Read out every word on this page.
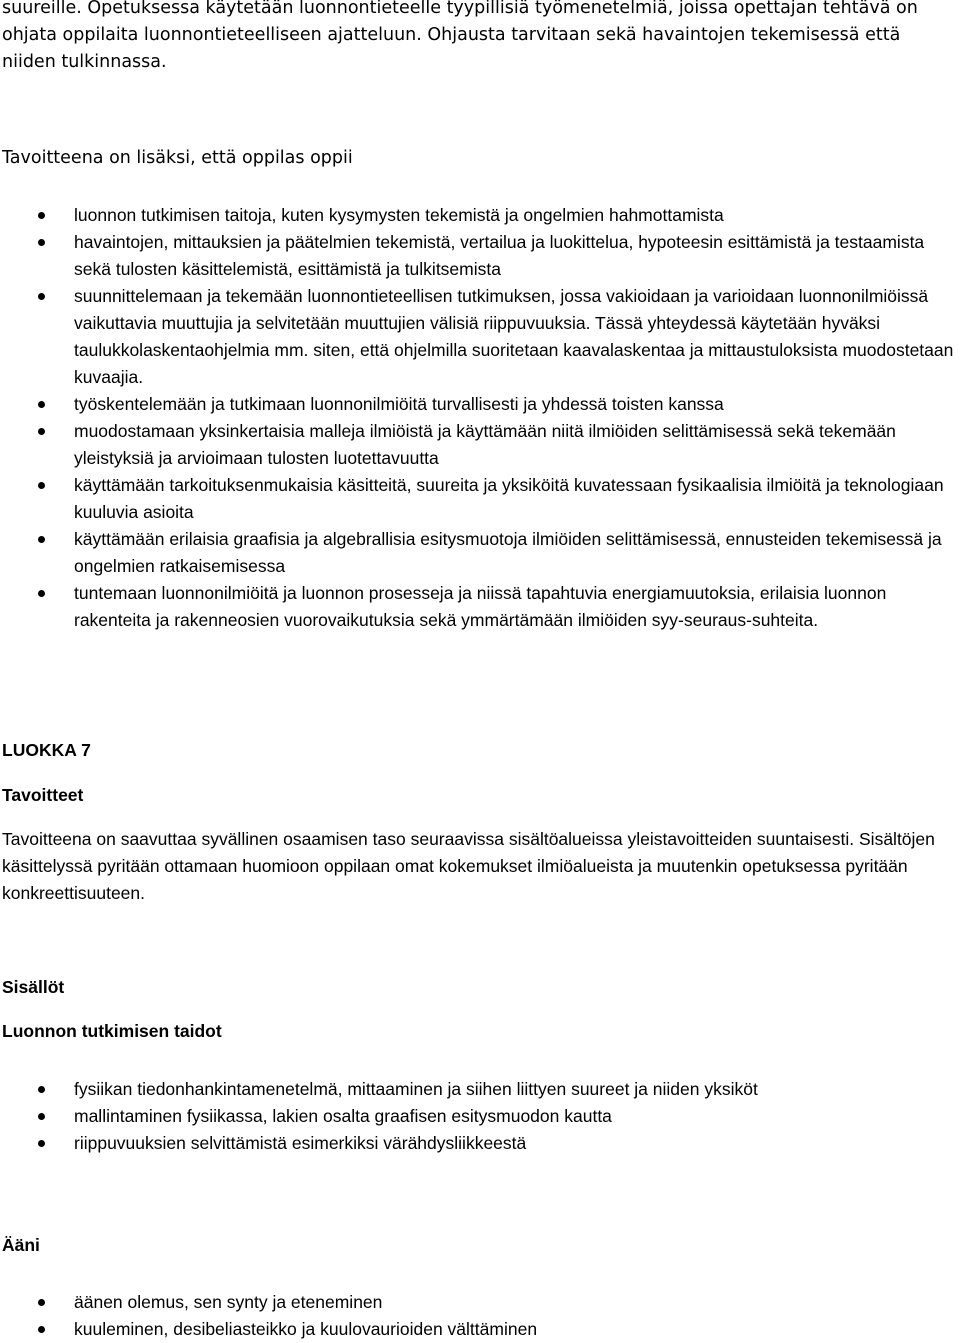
suureille. Opetuksessa käytetään luonnontieteelle tyypillisiä työmenetelmiä, joissa opettajan tehtävä on ohjata oppilaita luonnontieteelliseen ajatteluun. Ohjausta tarvitaan sekä havaintojen tekemisessä että niiden tulkinnassa.

Tavoitteena on lisäksi, että oppilas oppii

luonnon tutkimisen taitoja, kuten kysymysten tekemistä ja ongelmien hahmottamista
havaintojen, mittauksien ja päätelmien tekemistä, vertailua ja luokittelua, hypoteesin esittämistä ja testaamista sekä tulosten käsittelemistä, esittämistä ja tulkitsemista
suunnittelemaan ja tekemään luonnontieteellisen tutkimuksen, jossa vakioidaan ja varioidaan luonnonilmiöissä vaikuttavia muuttujia ja selvitetään muuttujien välisiä riippuvuuksia. Tässä yhteydessä käytetään hyväksi taulukkolaskentaohjelmia mm. siten, että ohjelmilla suoritetaan kaavalaskentaa ja mittaustuloksista muodostetaan kuvaajia.
työskentelemään ja tutkimaan luonnonilmiöitä turvallisesti ja yhdessä toisten kanssa
muodostamaan yksinkertaisia malleja ilmiöistä ja käyttämään niitä ilmiöiden selittämisessä sekä tekemään yleistyksiä ja arvioimaan tulosten luotettavuutta
käyttämään tarkoituksenmukaisia käsitteitä, suureita ja yksiköitä kuvatessaan fysikaalisia ilmiöitä ja teknologiaan kuuluvia asioita
käyttämään erilaisia graafisia ja algebrallisia esitysmuotoja ilmiöiden selittämisessä, ennusteiden tekemisessä ja ongelmien ratkaisemisessa
tuntemaan luonnonilmiöitä ja luonnon prosesseja ja niissä tapahtuvia energiamuutoksia, erilaisia luonnon rakenteita ja rakenneosien vuorovaikutuksia sekä ymmärtämään ilmiöiden syy-seuraus-suhteita.

LUOKKA 7

Tavoitteet

Tavoitteena on saavuttaa syvällinen osaamisen taso seuraavissa sisältöalueissa yleistavoitteiden suuntaisesti. Sisältöjen käsittelyssä pyritään ottamaan huomioon oppilaan omat kokemukset ilmiöalueista ja muutenkin opetuksessa pyritään konkreettisuuteen.

Sisällöt

Luonnon tutkimisen taidot

fysiikan tiedonhankintamenetelmä, mittaaminen ja siihen liittyen suureet ja niiden yksiköt
mallintaminen fysiikassa, lakien osalta graafisen esitysmuodon kautta
riippuvuuksien selvittämistä esimerkiksi värähdysliikkeestä

Ääni

äänen olemus, sen synty ja eteneminen
kuuleminen, desibeliasteikko ja kuulovaurioiden välttäminen
